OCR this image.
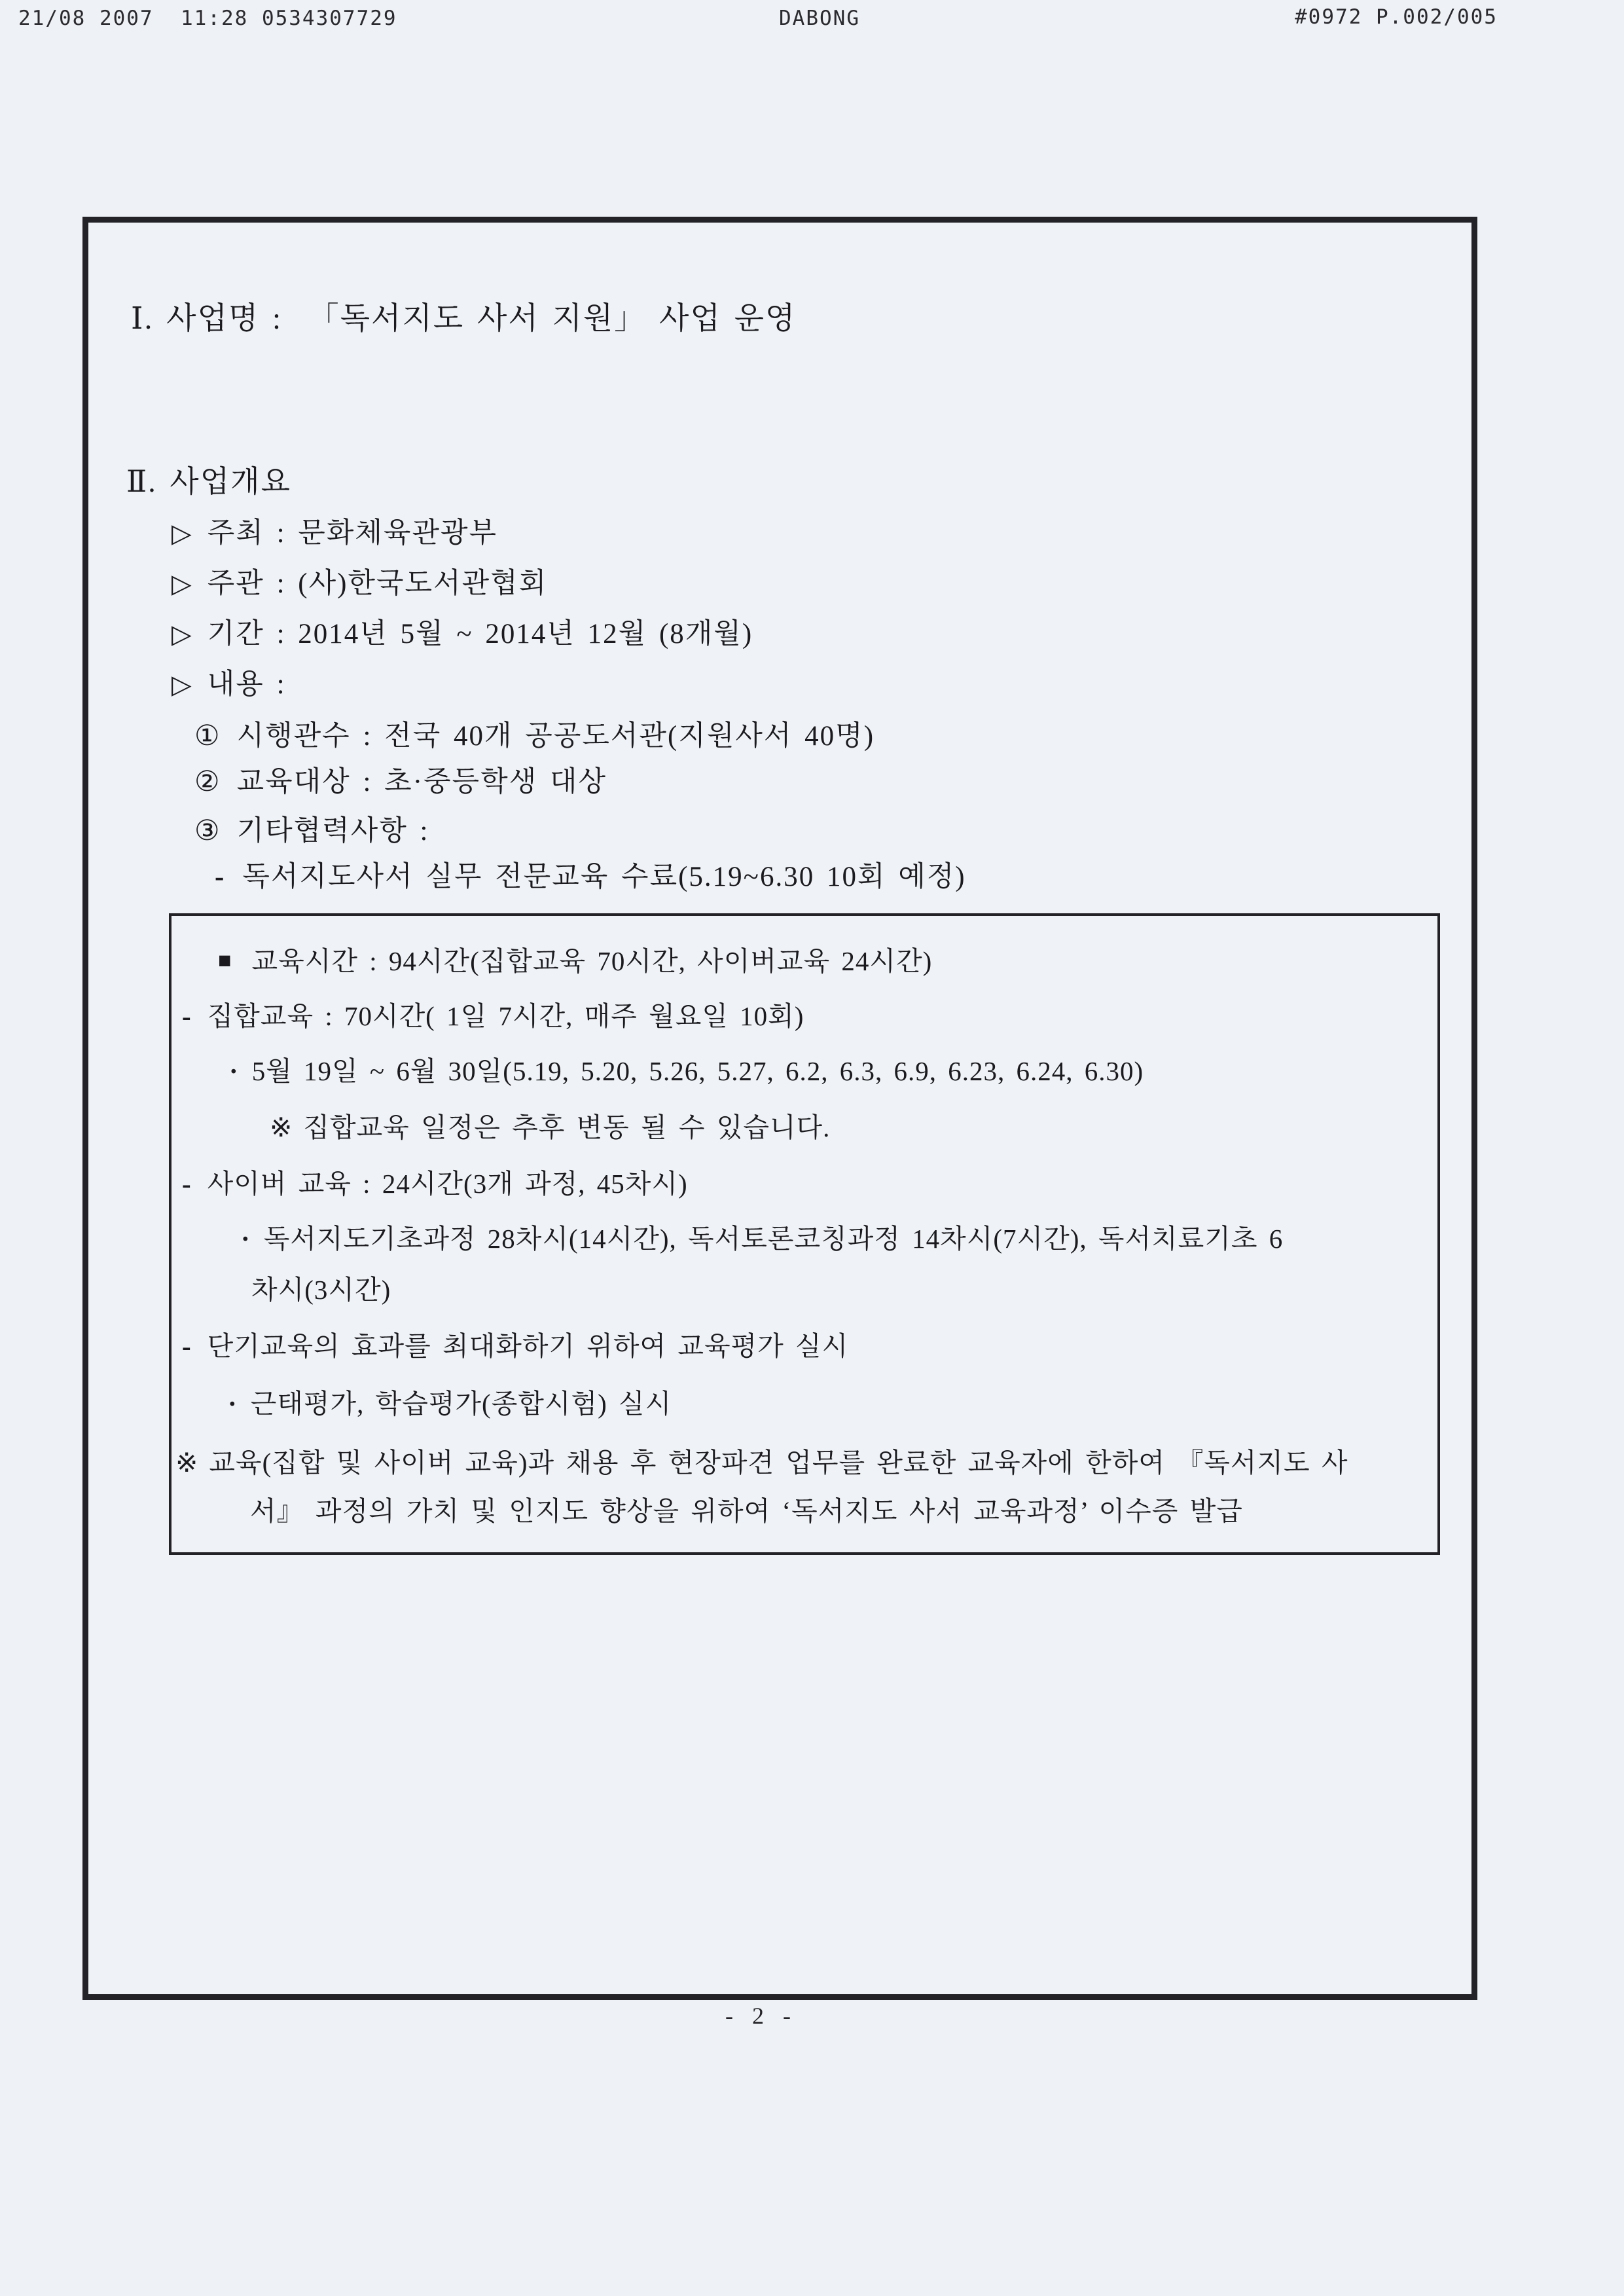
21/08 2007  11:28 0534307729

	DABONG

	#0972 P.002/005

Ⅰ. 사업명 :  「독서지도 사서 지원」 사업 운영
Ⅱ. 사업개요
▷ 주최 : 문화체육관광부
▷ 주관 : (사)한국도서관협회
▷ 기간 : 2014년 5월 ~ 2014년 12월 (8개월)
▷ 내용 :
① 시행관수 : 전국 40개 공공도서관(지원사서 40명)
② 교육대상 : 초·중등학생 대상
③ 기타협력사항 :
- 독서지도사서 실무 전문교육 수료(5.19~6.30 10회 예정)
■ 교육시간 : 94시간(집합교육 70시간, 사이버교육 24시간)
- 집합교육 : 70시간( 1일 7시간, 매주 월요일 10회)
· 5월 19일 ~ 6월 30일(5.19, 5.20, 5.26, 5.27, 6.2, 6.3, 6.9, 6.23, 6.24, 6.30)
※ 집합교육 일정은 추후 변동 될 수 있습니다.
- 사이버 교육 : 24시간(3개 과정, 45차시)
· 독서지도기초과정 28차시(14시간), 독서토론코칭과정 14차시(7시간), 독서치료기초 6
차시(3시간)
- 단기교육의 효과를 최대화하기 위하여 교육평가 실시
· 근태평가, 학습평가(종합시험) 실시
※ 교육(집합 및 사이버 교육)과 채용 후 현장파견 업무를 완료한 교육자에 한하여 『독서지도 사
서』 과정의 가치 및 인지도 향상을 위하여 ‘독서지도 사서 교육과정’ 이수증 발급
- 2 -
